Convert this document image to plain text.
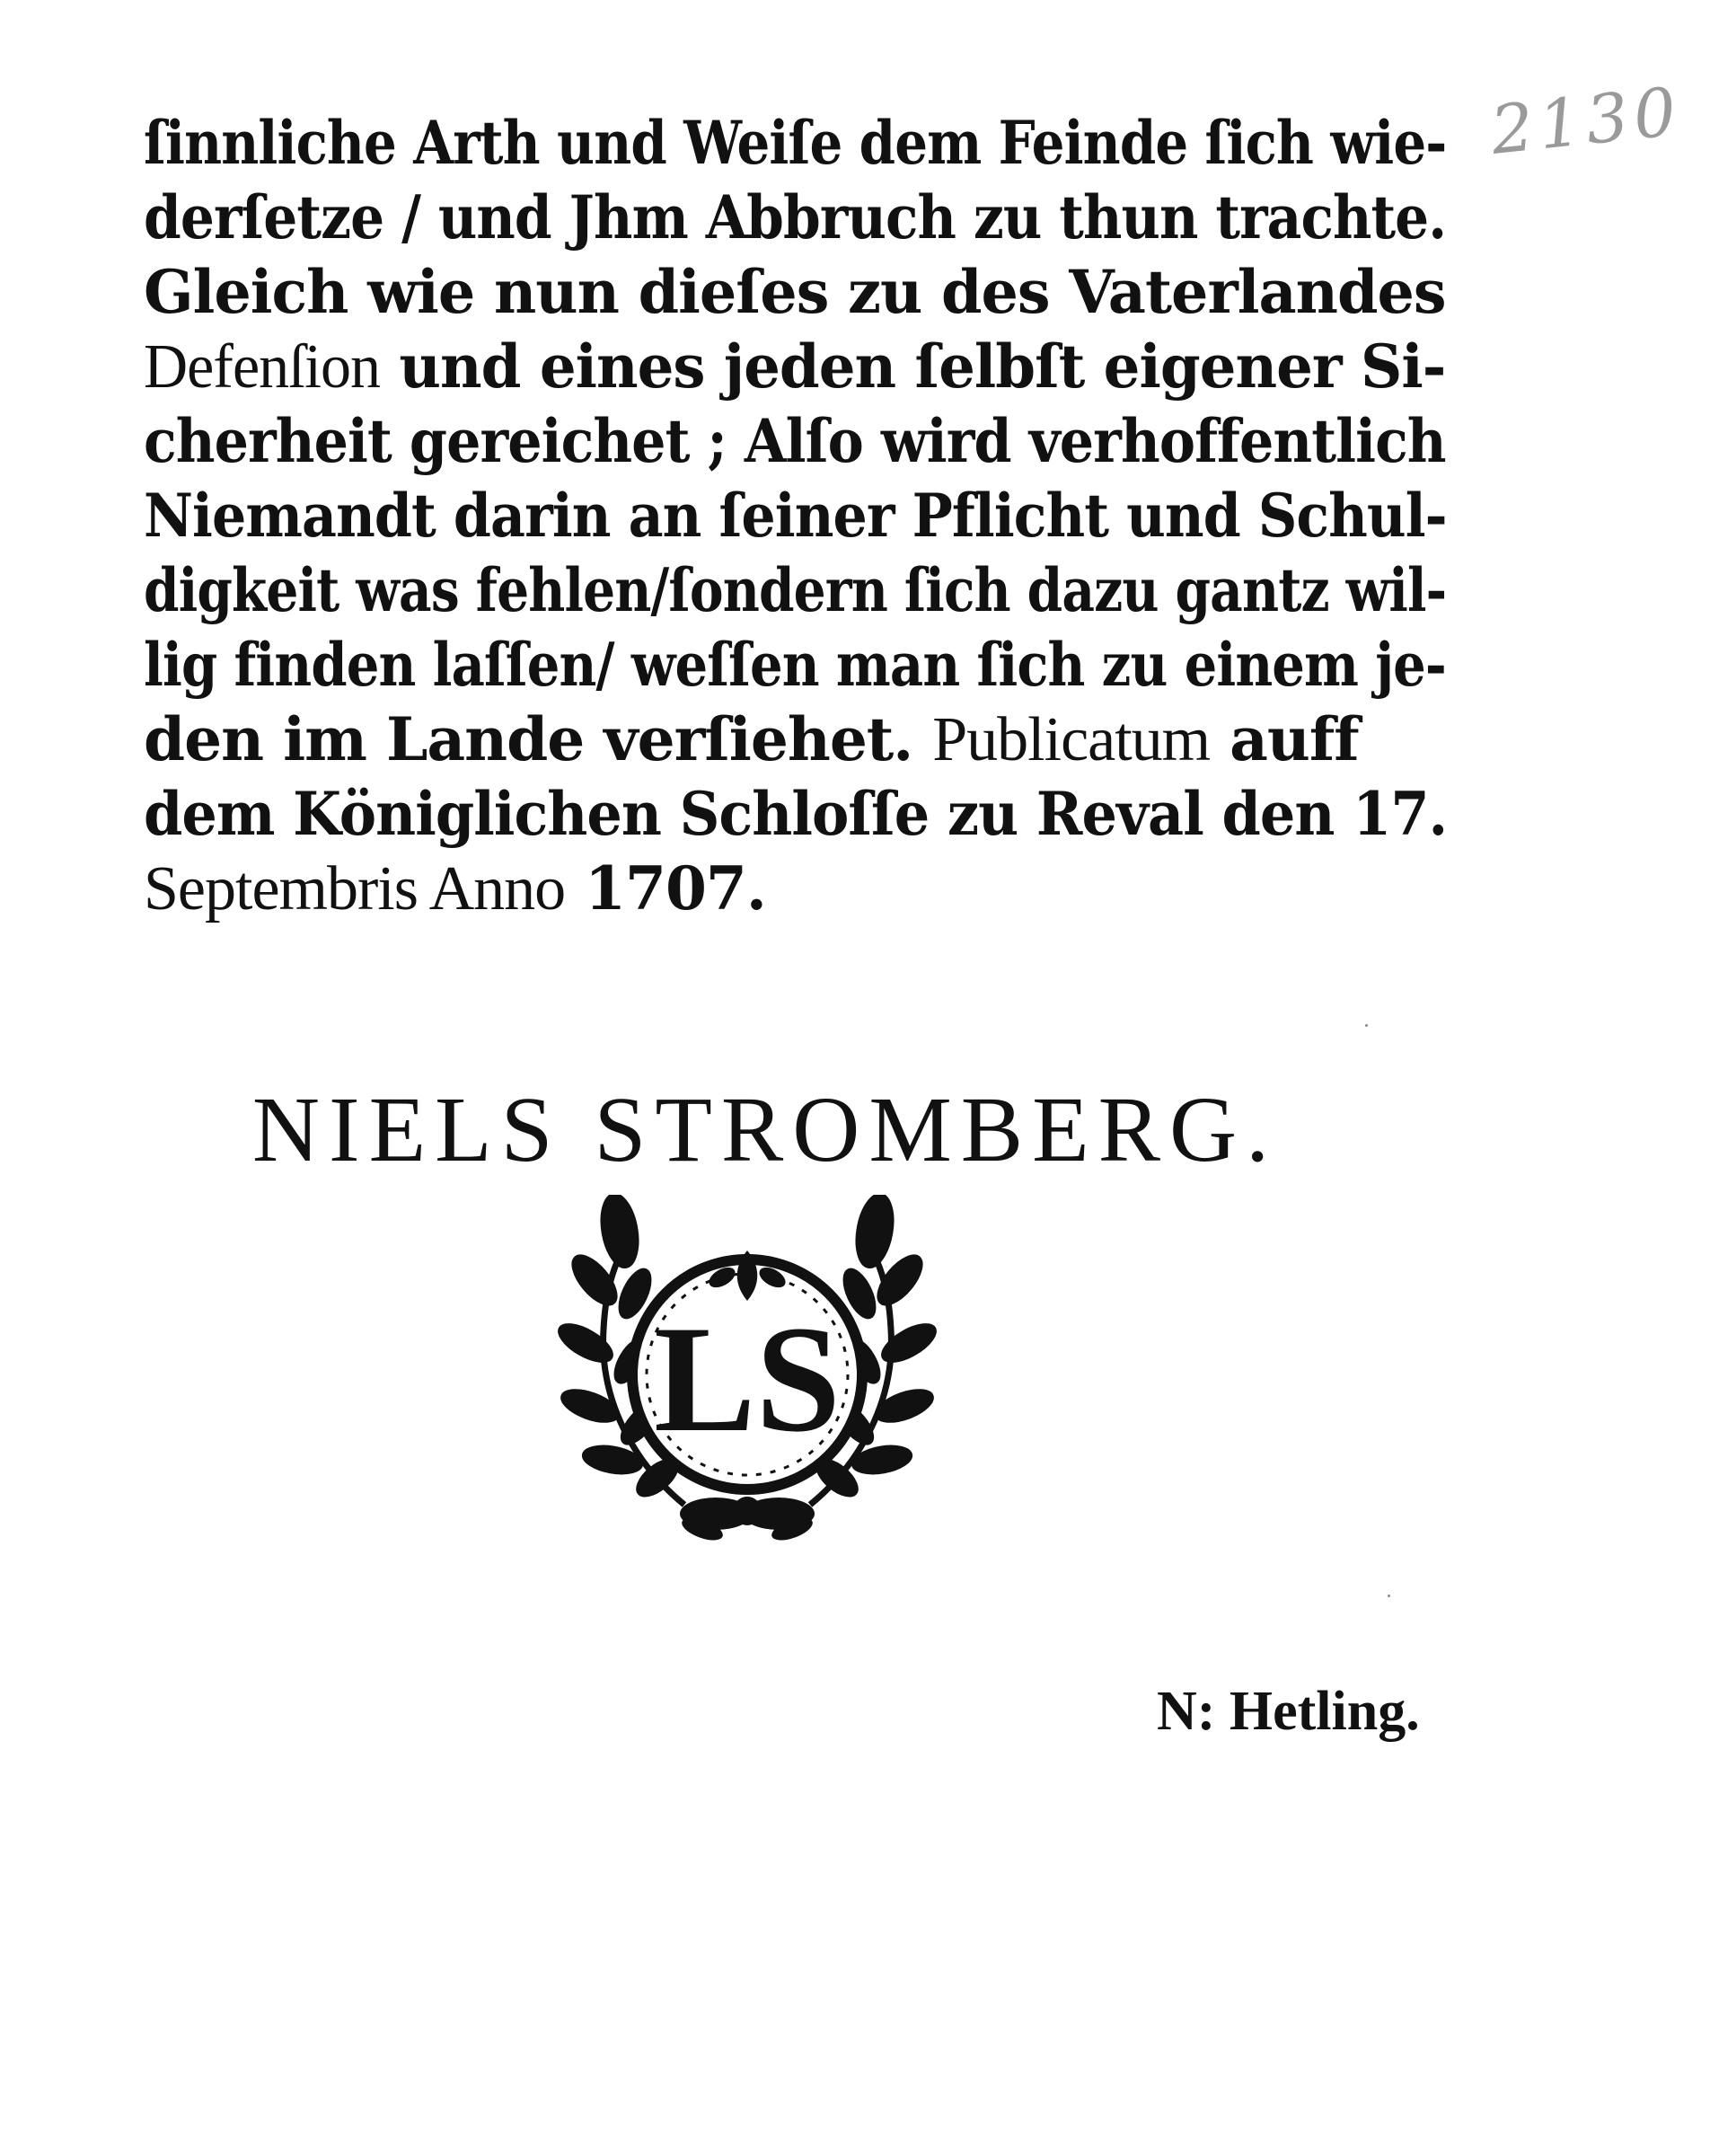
2130
ſinnliche Arth und Weiſe dem Feinde ſich wie-
derſetze / und Jhm Abbruch zu thun trachte.
Gleich wie nun dieſes zu des Vaterlandes
Defenſion und eines jeden ſelbſt eigener Si-
cherheit gereichet ; Alſo wird verhoffentlich
Niemandt darin an ſeiner Pflicht und Schul-
digkeit was fehlen/ſondern ſich dazu gantz wil-
lig finden laſſen/ weſſen man ſich zu einem je-
den im Lande verſiehet. Publicatum auff
dem Königlichen Schloſſe zu Reval den 17.
Septembris Anno 1707.
NIELS STROMBERG.
LS
N: Hetling.
